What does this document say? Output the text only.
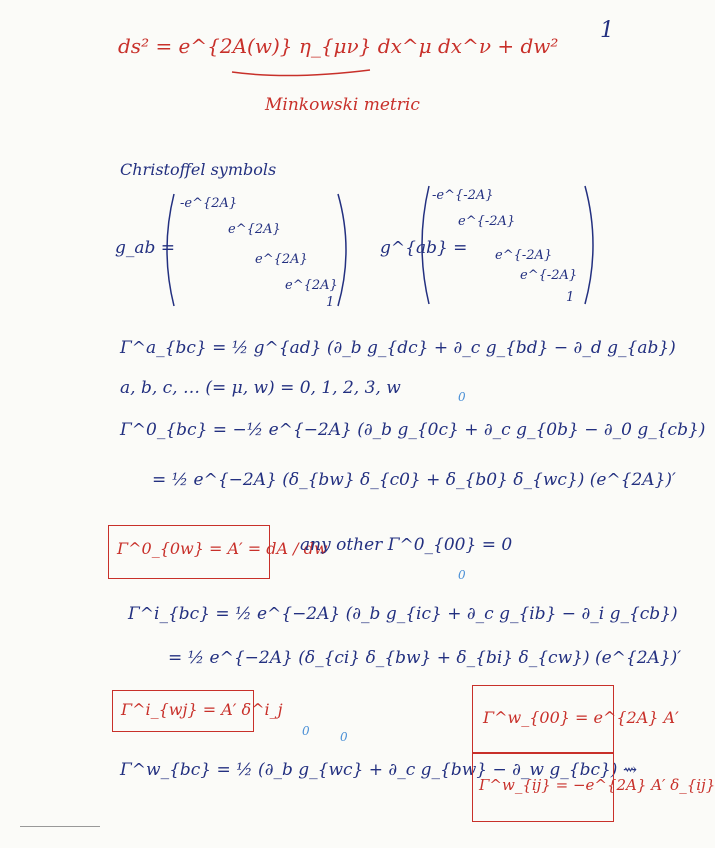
1
ds² = e^{2A(w)} η_{μν} dx^μ dx^ν + dw²
Minkowski metric
Christoffel symbols
g_ab =
-e^{2A}
e^{2A}
e^{2A}
e^{2A}
1
g^{ab} =
-e^{-2A}
e^{-2A}
e^{-2A}
e^{-2A}
1
Γ^a_{bc} = ½ g^{ad} (∂_b g_{dc} + ∂_c g_{bd} − ∂_d g_{ab})
a, b, c, … (= μ, w) = 0, 1, 2, 3, w
Γ^0_{bc} = −½ e^{−2A} (∂_b g_{0c} + ∂_c g_{0b} − ∂_0 g_{cb})
0
= ½ e^{−2A} (δ_{bw} δ_{c0} + δ_{b0} δ_{wc}) (e^{2A})′
Γ^0_{0w} = A′ = dA / dw
any other Γ^0_{00} = 0
0
Γ^i_{bc} = ½ e^{−2A} (∂_b g_{ic} + ∂_c g_{ib} − ∂_i g_{cb})
= ½ e^{−2A} (δ_{ci} δ_{bw} + δ_{bi} δ_{cw}) (e^{2A})′
Γ^i_{wj} = A′ δ^i_j
0	0
Γ^w_{bc} = ½ (∂_b g_{wc} + ∂_c g_{bw} − ∂_w g_{bc}) ⇝
Γ^w_{00} = e^{2A} A′
Γ^w_{ij} = −e^{2A} A′ δ_{ij}
